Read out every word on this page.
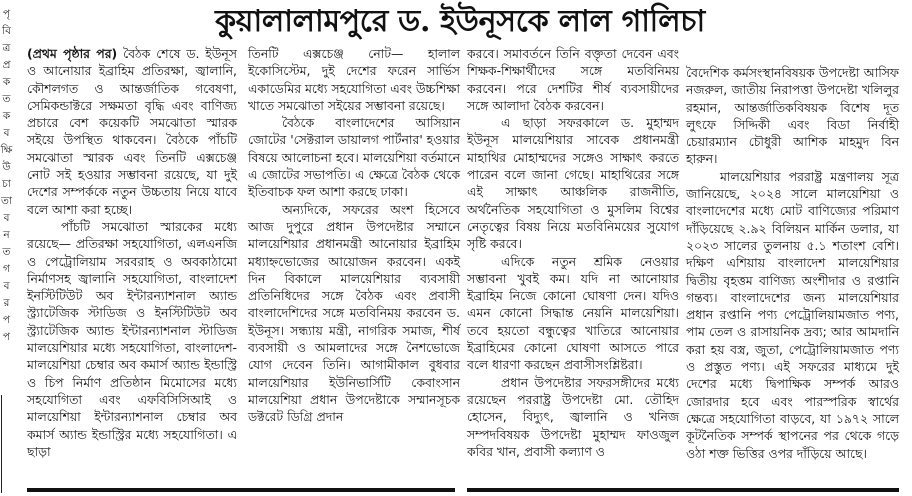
পৃ
বি
ত্র
প্র
ক
ত
ক
ব
ক্ষি
উ
চা
তা
ব
ন
ত
গ
ব
র
প
প
কুয়ালালামপুরে ড. ইউনূসকে লাল গালিচা

(প্রথম পৃষ্ঠার পর) বৈঠক শেষে ড. ইউনূস ও আনোয়ার ইব্রাহিম প্রতিরক্ষা, জ্বালানি, কৌশলগত ও আন্তর্জাতিক গবেষণা, সেমিকন্ডাক্টরে সক্ষমতা বৃদ্ধি এবং বাণিজ্য প্রচারে বেশ কয়েকটি সমঝোতা স্মারক সইয়ে উপস্থিত থাকবেন। বৈঠকে পাঁচটি সমঝোতা স্মারক এবং তিনটি এক্সচেঞ্জ নোট সই হওয়ার সম্ভাবনা রয়েছে, যা দুই দেশের সম্পর্ককে নতুন উচ্চতায় নিয়ে যাবে বলে আশা করা হচ্ছে।

পাঁচটি সমঝোতা স্মারকের মধ্যে রয়েছে— প্রতিরক্ষা সহযোগিতা, এলএনজি ও পেট্রোলিয়াম সরবরাহ ও অবকাঠামো নির্মাণসহ জ্বালানি সহযোগিতা, বাংলাদেশ ইনস্টিটিউট অব ইন্টারন্যাশনাল অ্যান্ড স্ট্র্যাটেজিক স্টাডিজ ও ইনস্টিটিউট অব স্ট্র্যাটেজিক অ্যান্ড ইন্টারন্যাশনাল স্টাডিজ মালয়েশিয়ার মধ্যে সহযোগিতা, বাংলাদেশ-মালয়েশিয়া চেম্বার অব কমার্স অ্যান্ড ইন্ডাস্ট্রি ও চিপ নির্মাণ প্রতিষ্ঠান মিমোসের মধ্যে সহযোগিতা এবং এফবিসিসিআই ও মালয়েশিয়া ইন্টারন্যাশনাল চেম্বার অব কমার্স অ্যান্ড ইন্ডাস্ট্রির মধ্যে সহযোগিতা। এ ছাড়া

তিনটি এক্সচেঞ্জ নোট— হালাল ইকোসিস্টেম, দুই দেশের ফরেন সার্ভিস একাডেমির মধ্যে সহযোগিতা এবং উচ্চশিক্ষা খাতে সমঝোতা সইয়ের সম্ভাবনা রয়েছে।

বৈঠকে বাংলাদেশের আসিয়ান জোটের 'সেক্টরাল ডায়ালগ পার্টনার' হওয়ার বিষয়ে আলোচনা হবে। মালয়েশিয়া বর্তমানে এ জোটের সভাপতি। এ ক্ষেত্রে বৈঠক থেকে ইতিবাচক ফল আশা করছে ঢাকা।

অন্যদিকে, সফরের অংশ হিসেবে আজ দুপুরে প্রধান উপদেষ্টার সম্মানে মালয়েশিয়ার প্রধানমন্ত্রী আনোয়ার ইব্রাহিম মধ্যাহ্নভোজের আয়োজন করবেন। একই দিন বিকালে মালয়েশিয়ার ব্যবসায়ী প্রতিনিধিদের সঙ্গে বৈঠক এবং প্রবাসী বাংলাদেশিদের সঙ্গে মতবিনিময় করবেন ড. ইউনূস। সন্ধ্যায় মন্ত্রী, নাগরিক সমাজ, শীর্ষ ব্যবসায়ী ও আমলাদের সঙ্গে নৈশভোজে যোগ দেবেন তিনি। আগামীকাল বুধবার মালয়েশিয়ার ইউনিভার্সিটি কেবাংসান মালয়েশিয়া প্রধান উপদেষ্টাকে সম্মানসূচক ডক্টরেট ডিগ্রি প্রদান

করবে। সমাবর্তনে তিনি বক্তৃতা দেবেন এবং শিক্ষক-শিক্ষার্থীদের সঙ্গে মতবিনিময় করবেন। পরে দেশটির শীর্ষ ব্যবসায়ীদের সঙ্গে আলাদা বৈঠক করবেন।

এ ছাড়া সফরকালে ড. মুহাম্মদ ইউনূস মালয়েশিয়ার সাবেক প্রধানমন্ত্রী মাহাথির মোহাম্মদের সঙ্গেও সাক্ষাৎ করতে পারেন বলে জানা গেছে। মাহাথিরের সঙ্গে এই সাক্ষাৎ আঞ্চলিক রাজনীতি, অর্থনৈতিক সহযোগিতা ও মুসলিম বিশ্বের নেতৃত্বের বিষয় নিয়ে মতবিনিময়ের সুযোগ সৃষ্টি করবে।

এদিকে নতুন শ্রমিক নেওয়ার সম্ভাবনা খুবই কম। যদি না আনোয়ার ইব্রাহিম নিজে কোনো ঘোষণা দেন। যদিও এমন কোনো সিদ্ধান্ত নেয়নি মালয়েশিয়া। তবে হয়তো বন্ধুত্বের খাতিরে আনোয়ার ইব্রাহিমের কোনো ঘোষণা আসতে পারে বলে ধারণা করছেন প্রবাসীসংশ্লিষ্টরা।

প্রধান উপদেষ্টার সফরসঙ্গীদের মধ্যে রয়েছেন পররাষ্ট্র উপদেষ্টা মো. তৌহিদ হোসেন, বিদ্যুৎ, জ্বালানি ও খনিজ সম্পদবিষয়ক উপদেষ্টা মুহাম্মদ ফাওজুল কবির খান, প্রবাসী কল্যাণ ও

বৈদেশিক কর্মসংস্থানবিষয়ক উপদেষ্টা আসিফ নজরুল, জাতীয় নিরাপত্তা উপদেষ্টা খলিলুর রহমান, আন্তর্জাতিকবিষয়ক বিশেষ দূত লুৎফে সিদ্দিকী এবং বিডা নির্বাহী চেয়ারম্যান চৌধুরী আশিক মাহমুদ বিন হারুন।

মালয়েশিয়ার পররাষ্ট্র মন্ত্রণালয় সূত্র জানিয়েছে, ২০২৪ সালে মালয়েশিয়া ও বাংলাদেশের মধ্যে মোট বাণিজ্যের পরিমাণ দাঁড়িয়েছে ২.৯২ বিলিয়ন মার্কিন ডলার, যা ২০২৩ সালের তুলনায় ৫.১ শতাংশ বেশি। দক্ষিণ এশিয়ায় বাংলাদেশ মালয়েশিয়ার দ্বিতীয় বৃহত্তম বাণিজ্য অংশীদার ও রপ্তানি গন্তব্য। বাংলাদেশের জন্য মালয়েশিয়ার প্রধান রপ্তানি পণ্য পেট্রোলিয়ামজাত পণ্য, পাম তেল ও রাসায়নিক দ্রব্য; আর আমদানি করা হয় বস্ত্র, জুতা, পেট্রোলিয়ামজাত পণ্য ও প্রস্তুত পণ্য। এই সফরের মাধ্যমে দুই দেশের মধ্যে দ্বিপাক্ষিক সম্পর্ক আরও জোরদার হবে এবং পারস্পরিক স্বার্থের ক্ষেত্রে সহযোগিতা বাড়বে, যা ১৯৭২ সালে কূটনৈতিক সম্পর্ক স্থাপনের পর থেকে গড়ে ওঠা শক্ত ভিত্তির ওপর দাঁড়িয়ে আছে।
